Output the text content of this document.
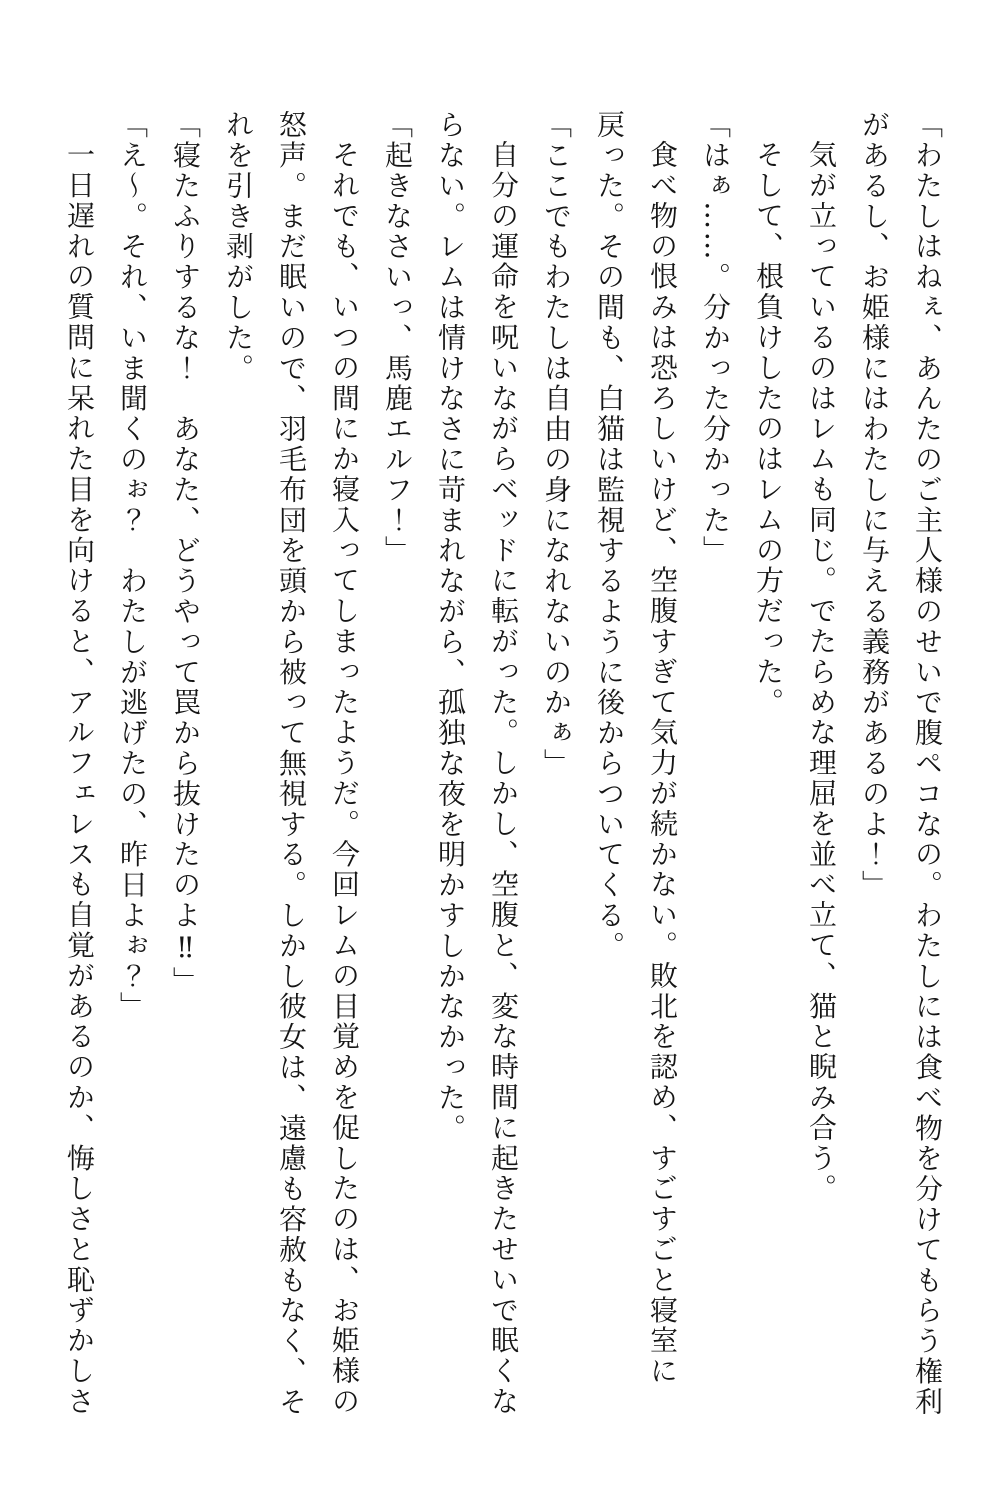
「わたしはねぇ、あんたのご主人様のせいで腹ペコなの。わたしには食べ物を分けてもらう権利
があるし、お姫様にはわたしに与える義務があるのよ！」
気が立っているのはレムも同じ。でたらめな理屈を並べ立て、猫と睨み合う。
そして、根負けしたのはレムの方だった。
「はぁ……。分かった分かった」
食べ物の恨みは恐ろしいけど、空腹すぎて気力が続かない。敗北を認め、すごすごと寝室に
戻った。その間も、白猫は監視するように後からついてくる。
「ここでもわたしは自由の身になれないのかぁ」
自分の運命を呪いながらベッドに転がった。しかし、空腹と、変な時間に起きたせいで眠くな
らない。レムは情けなさに苛まれながら、孤独な夜を明かすしかなかった。
「起きなさいっ、馬鹿エルフ！」
それでも、いつの間にか寝入ってしまったようだ。今回レムの目覚めを促したのは、お姫様の
怒声。まだ眠いので、羽毛布団を頭から被って無視する。しかし彼女は、遠慮も容赦もなく、そ
れを引き剥がした。
「寝たふりするな！　あなた、どうやって罠から抜けたのよ‼」
「え〜。それ、いま聞くのぉ？　わたしが逃げたの、昨日よぉ？」
一日遅れの質問に呆れた目を向けると、アルフェレスも自覚があるのか、悔しさと恥ずかしさ
